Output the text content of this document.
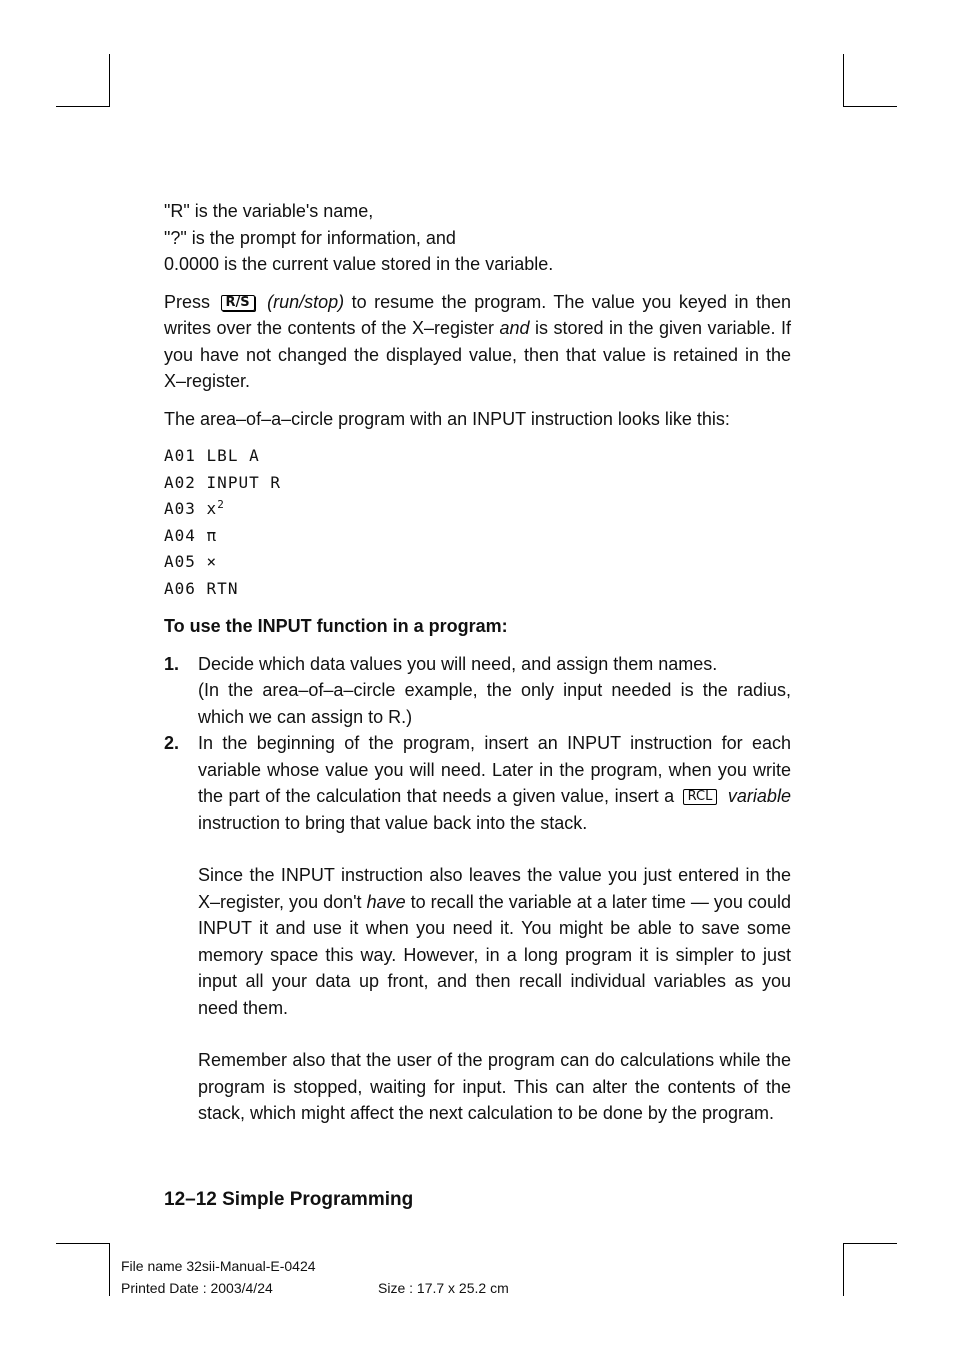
"R" is the variable's name,

"?" is the prompt for information, and

0.0000 is the current value stored in the variable.

Press R/S (run/stop) to resume the program. The value you keyed in then writes over the contents of the X–register and is stored in the given variable. If you have not changed the displayed value, then that value is retained in the X–register.

The area–of–a–circle program with an INPUT instruction looks like this:

A01 LBL A
A02 INPUT R
A03 $x^2$
A04 π
A05 ×
A06 RTN

To use the INPUT function in a program:

1. Decide which data values you will need, and assign them names.

(In the area–of–a–circle example, the only input needed is the radius, which we can assign to R.)

2. In the beginning of the program, insert an INPUT instruction for each variable whose value you will need. Later in the program, when you write the part of the calculation that needs a given value, insert a RCL variable instruction to bring that value back into the stack.

Since the INPUT instruction also leaves the value you just entered in the X–register, you don't have to recall the variable at a later time — you could INPUT it and use it when you need it. You might be able to save some memory space this way. However, in a long program it is simpler to just input all your data up front, and then recall individual variables as you need them.

Remember also that the user of the program can do calculations while the program is stopped, waiting for input. This can alter the contents of the stack, which might affect the next calculation to be done by the program.

12–12 Simple Programming
File name 32sii-Manual-E-0424
Printed Date : 2003/4/24	Size : 17.7 x 25.2 cm
